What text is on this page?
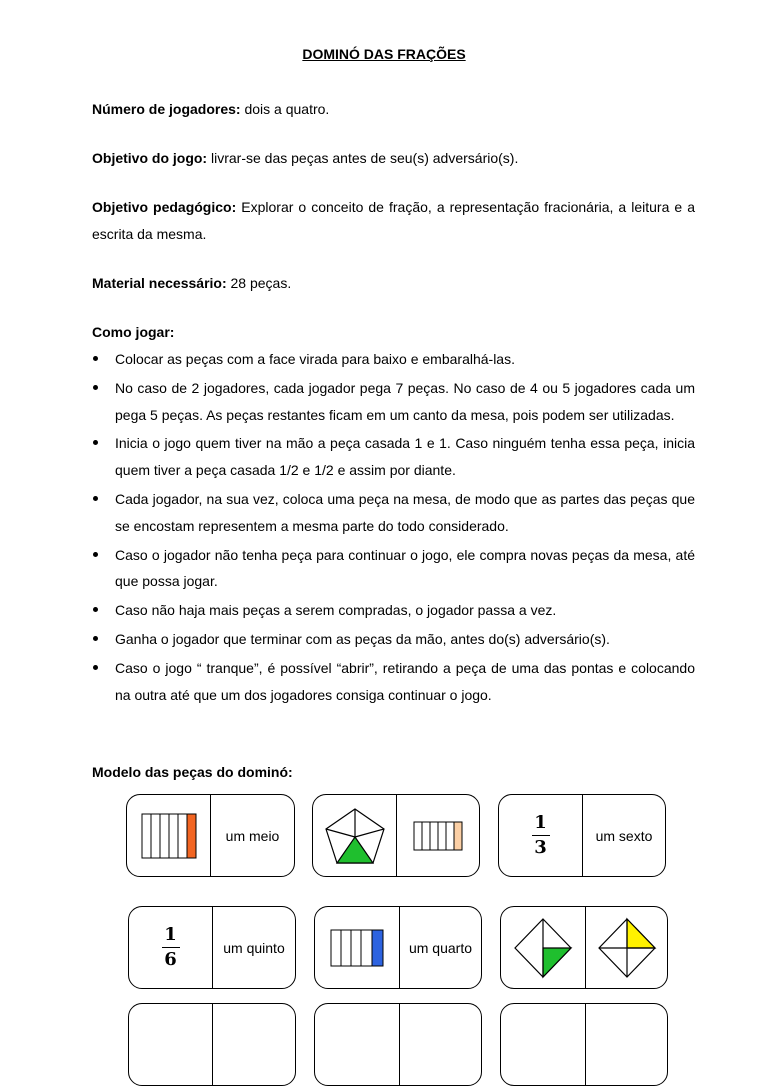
DOMINÓ DAS FRAÇÕES
Número de jogadores: dois a quatro.
Objetivo do jogo: livrar-se das peças antes de seu(s) adversário(s).
Objetivo pedagógico: Explorar o conceito de fração, a representação fracionária, a leitura e a escrita da mesma.
Material necessário: 28 peças.
Como jogar:
Colocar as peças com a face virada para baixo e embaralhá-las.
No caso de 2 jogadores, cada jogador pega 7 peças. No caso de 4 ou 5 jogadores cada um pega 5 peças. As peças restantes ficam em um canto da mesa, pois podem ser utilizadas.
Inicia o jogo quem tiver na mão a peça casada 1 e 1. Caso ninguém tenha essa peça, inicia quem tiver a peça casada 1/2 e 1/2 e assim por diante.
Cada jogador, na sua vez, coloca uma peça na mesa, de modo que as partes das peças que se encostam representem a mesma parte do todo considerado.
Caso o jogador não tenha peça para continuar o jogo, ele compra novas peças da mesa, até que possa jogar.
Caso não haja mais peças a serem compradas, o jogador passa a vez.
Ganha o jogador que terminar com as peças da mão, antes do(s) adversário(s).
Caso o jogo “ tranque”, é possível “abrir”, retirando a peça de uma das pontas e colocando na outra até que um dos jogadores consiga continuar o jogo.
Modelo das peças do dominó:
um meio	$\frac{1}{3}$	um sexto
$\frac{1}{6}$	um quinto	um quarto
